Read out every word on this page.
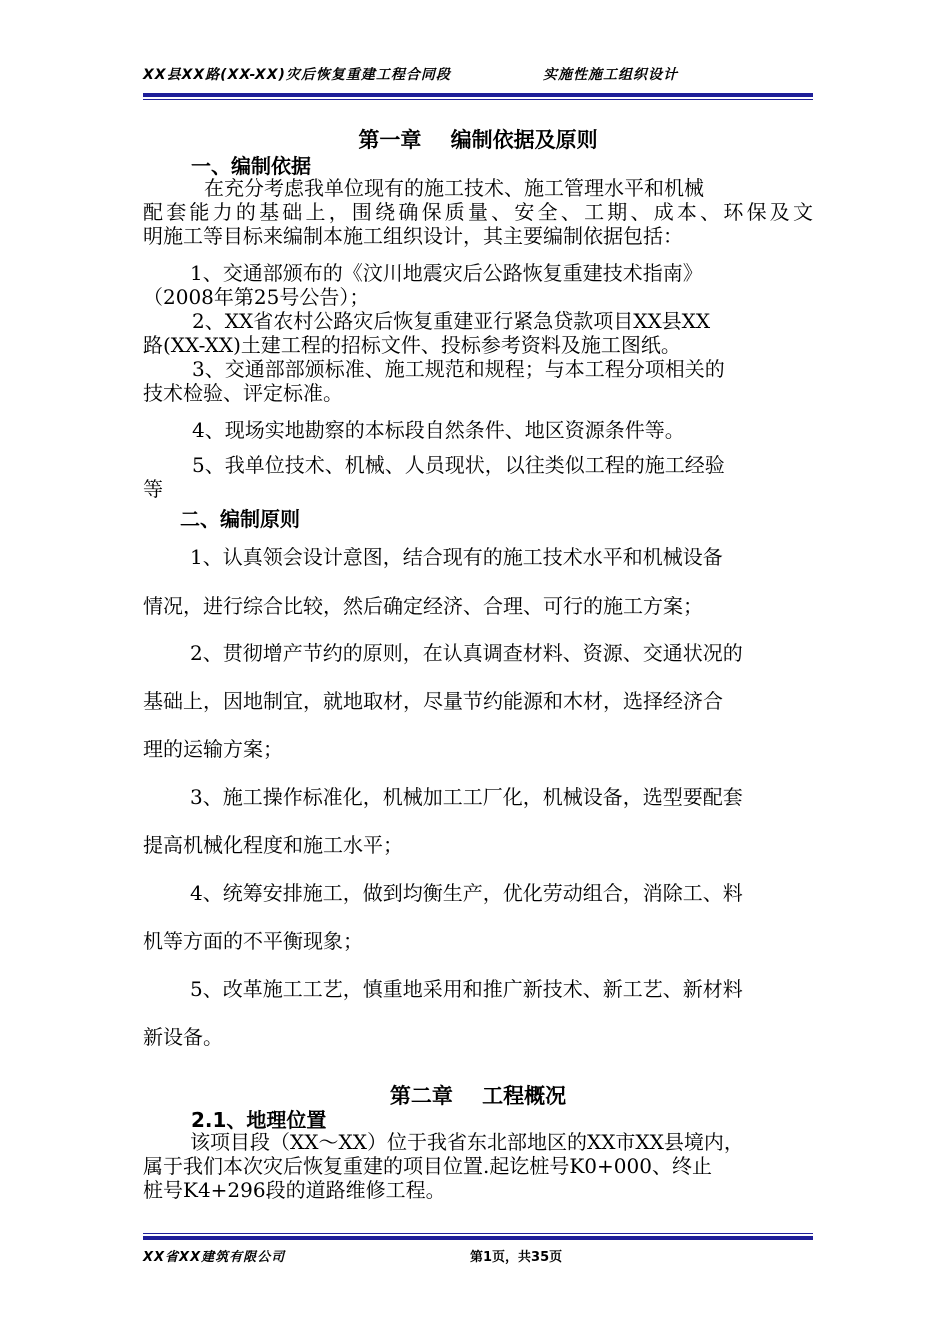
XX县XX路(XX-XX)灾后恢复重建工程合同段	实施性施工组织设计
第一章    编制依据及原则
一、编制依据
在充分考虑我单位现有的施工技术、施工管理水平和机械
配套能力的基础上，围绕确保质量、安全、工期、成本、环保及文
明施工等目标来编制本施工组织设计，其主要编制依据包括：
1、交通部颁布的《汶川地震灾后公路恢复重建技术指南》
（2008年第25号公告）；
2、XX省农村公路灾后恢复重建亚行紧急贷款项目XX县XX
路(XX-XX)土建工程的招标文件、投标参考资料及施工图纸。
3、交通部部颁标准、施工规范和规程；与本工程分项相关的
技术检验、评定标准。
4、现场实地勘察的本标段自然条件、地区资源条件等。
5、我单位技术、机械、人员现状，以往类似工程的施工经验
等
二、编制原则
1、认真领会设计意图，结合现有的施工技术水平和机械设备
情况，进行综合比较，然后确定经济、合理、可行的施工方案；
2、贯彻增产节约的原则，在认真调查材料、资源、交通状况的
基础上，因地制宜，就地取材，尽量节约能源和木材，选择经济合
理的运输方案；
3、施工操作标准化，机械加工工厂化，机械设备，选型要配套
提高机械化程度和施工水平；
4、统筹安排施工，做到均衡生产，优化劳动组合，消除工、料
机等方面的不平衡现象；
5、改革施工工艺，慎重地采用和推广新技术、新工艺、新材料
新设备。
第二章    工程概况
2.1、地理位置
该项目段（XX～XX）位于我省东北部地区的XX市XX县境内，
属于我们本次灾后恢复重建的项目位置.起讫桩号K0+000、终止
桩号K4+296段的道路维修工程。
XX省XX建筑有限公司	第1页，共35页
